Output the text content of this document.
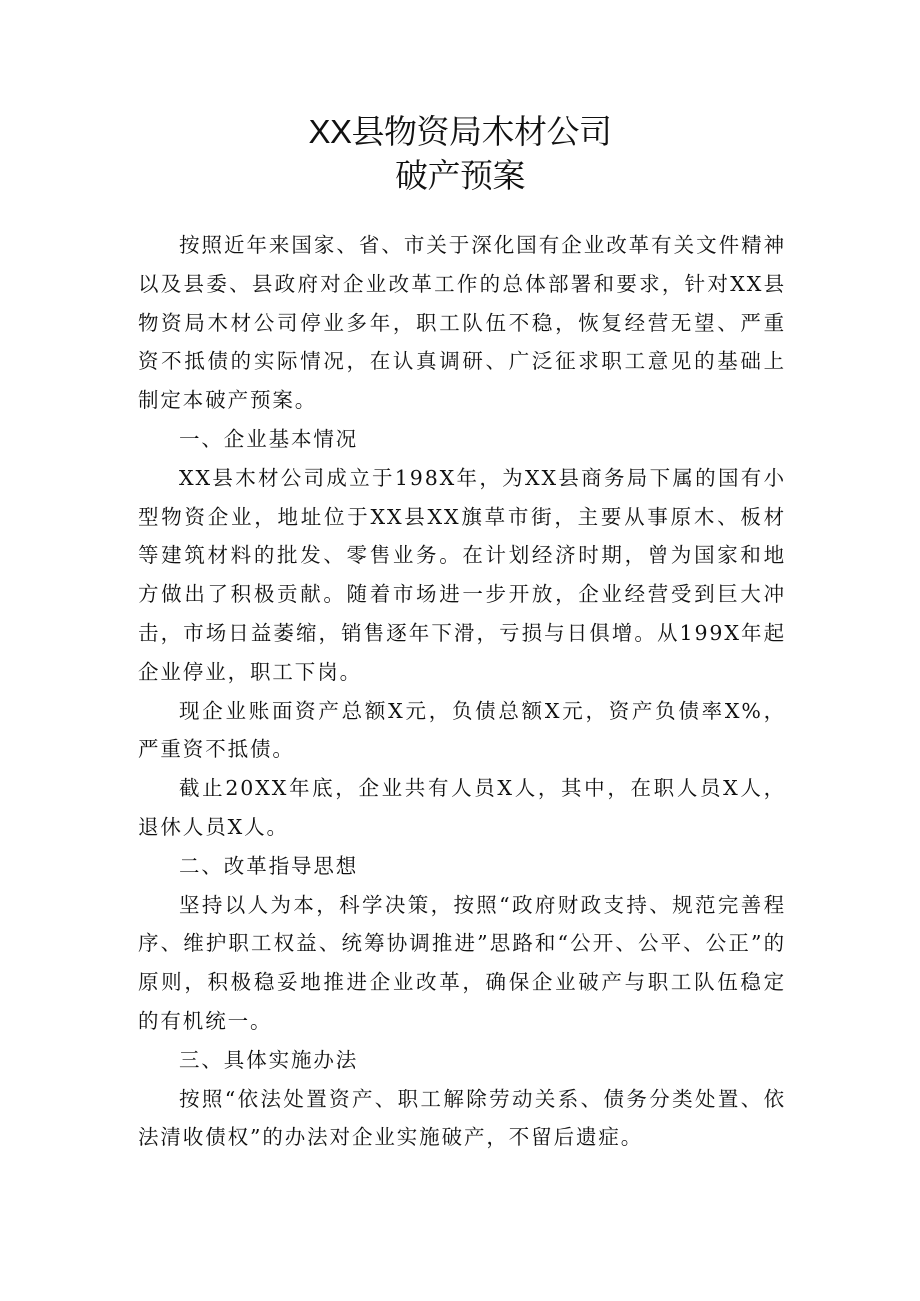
XX县物资局木材公司
破产预案

按照近年来国家、省、市关于深化国有企业改革有关文件精神以及县委、县政府对企业改革工作的总体部署和要求，针对XX县物资局木材公司停业多年，职工队伍不稳，恢复经营无望、严重资不抵债的实际情况，在认真调研、广泛征求职工意见的基础上制定本破产预案。

一、企业基本情况

XX县木材公司成立于198X年，为XX县商务局下属的国有小型物资企业，地址位于XX县XX旗草市街，主要从事原木、板材等建筑材料的批发、零售业务。在计划经济时期，曾为国家和地方做出了积极贡献。随着市场进一步开放，企业经营受到巨大冲击，市场日益萎缩，销售逐年下滑，亏损与日俱增。从199X年起企业停业，职工下岗。

现企业账面资产总额X元，负债总额X元，资产负债率X%，严重资不抵债。

截止20XX年底，企业共有人员X人，其中，在职人员X人，退休人员X人。

二、改革指导思想

坚持以人为本，科学决策，按照“政府财政支持、规范完善程序、维护职工权益、统筹协调推进”思路和“公开、公平、公正”的原则，积极稳妥地推进企业改革，确保企业破产与职工队伍稳定的有机统一。

三、具体实施办法

按照“依法处置资产、职工解除劳动关系、债务分类处置、依法清收债权”的办法对企业实施破产，不留后遗症。
